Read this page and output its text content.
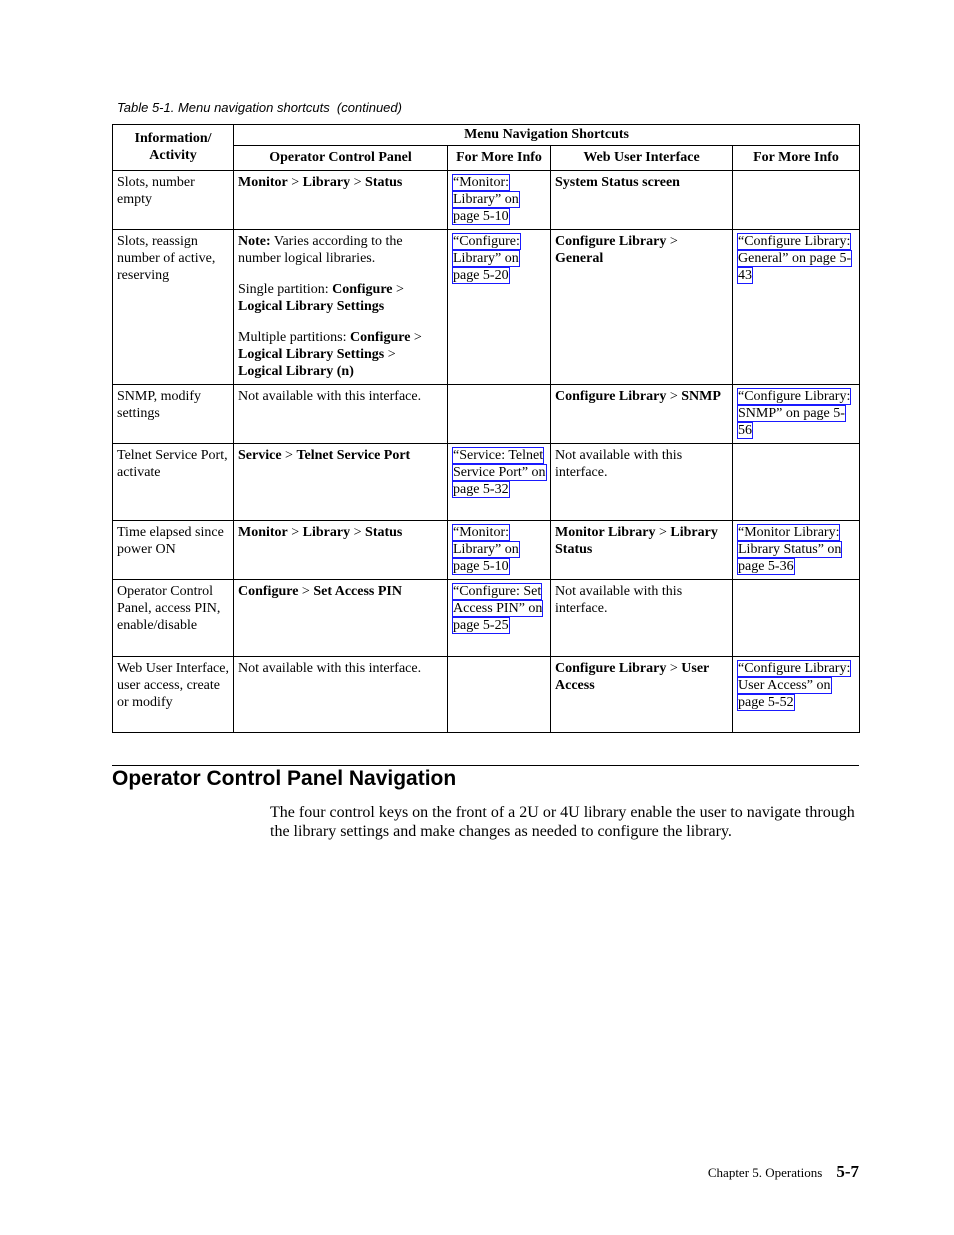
Table 5-1. Menu navigation shortcuts  (continued)
Information/ Activity	Menu Navigation Shortcuts			
	Operator Control Panel	For More Info	Web User Interface	For More Info
Slots, number empty	Monitor > Library > Status	“Monitor: Library” on page 5-10	System Status screen	

Slots, reassign number of active, reserving	Note: Varies according to the number logical libraries.

Single partition: Configure > Logical Library Settings

Multiple partitions: Configure > Logical Library Settings > Logical Library (n)	“Configure: Library” on page 5-20	Configure Library > General	“Configure Library: General” on page 5-43
SNMP, modify settings	Not available with this interface.		Configure Library > SNMP	“Configure Library: SNMP” on page 5-56
Telnet Service Port, activate	Service > Telnet Service Port	“Service: Telnet Service Port” on page 5-32	Not available with this interface.	

Time elapsed since power ON	Monitor > Library > Status	“Monitor: Library” on page 5-10	Monitor Library > Library Status	“Monitor Library: Library Status” on page 5-36
Operator Control Panel, access PIN, enable/disable	Configure > Set Access PIN	“Configure: Set Access PIN” on page 5-25	Not available with this interface.	

Web User Interface, user access, create or modify	Not available with this interface.		Configure Library > User Access	“Configure Library: User Access” on page 5-52
Operator Control Panel Navigation

The four control keys on the front of a 2U or 4U library enable the user to navigate through the library settings and make changes as needed to configure the library.

Chapter 5. Operations 5-7
